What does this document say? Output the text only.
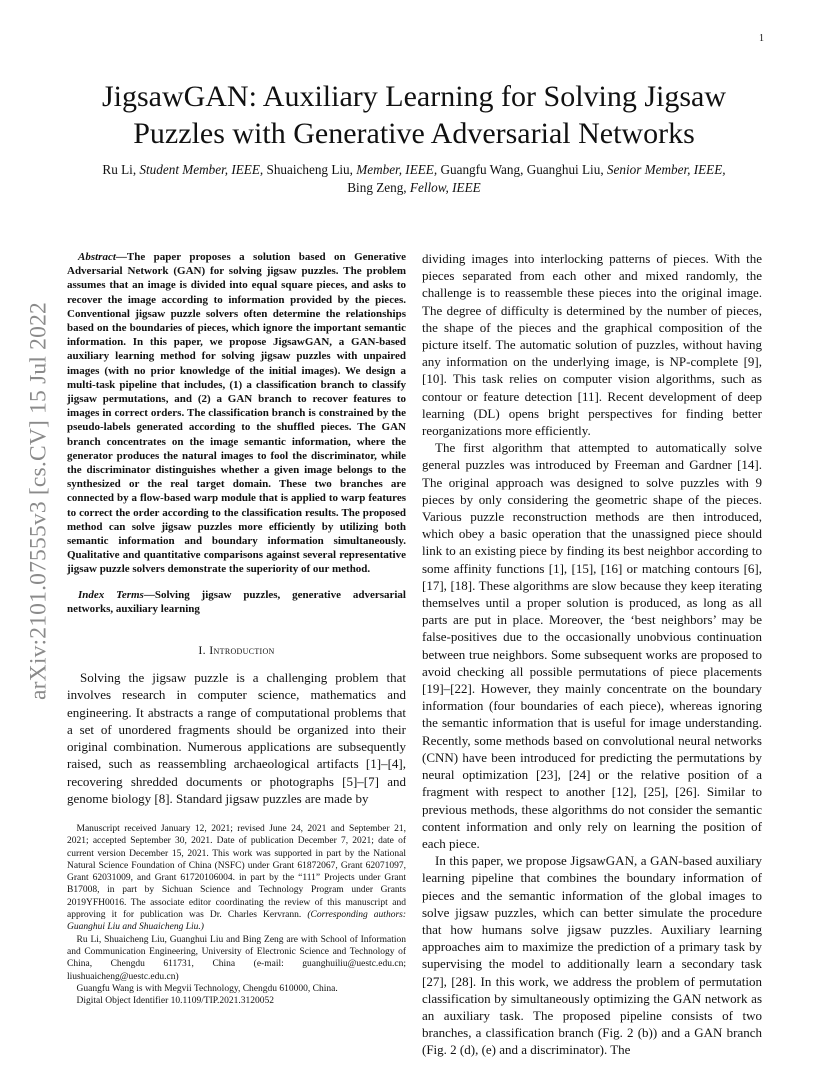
1
arXiv:2101.07555v3 [cs.CV] 15 Jul 2022
JigsawGAN: Auxiliary Learning for Solving Jigsaw
Puzzles with Generative Adversarial Networks
Ru Li, Student Member, IEEE, Shuaicheng Liu, Member, IEEE, Guangfu Wang, Guanghui Liu, Senior Member, IEEE, Bing Zeng, Fellow, IEEE

Abstract—The paper proposes a solution based on Generative Adversarial Network (GAN) for solving jigsaw puzzles. The problem assumes that an image is divided into equal square pieces, and asks to recover the image according to information provided by the pieces. Conventional jigsaw puzzle solvers often determine the relationships based on the boundaries of pieces, which ignore the important semantic information. In this paper, we propose JigsawGAN, a GAN-based auxiliary learning method for solving jigsaw puzzles with unpaired images (with no prior knowledge of the initial images). We design a multi-task pipeline that includes, (1) a classification branch to classify jigsaw permutations, and (2) a GAN branch to recover features to images in correct orders. The classification branch is constrained by the pseudo-labels generated according to the shuffled pieces. The GAN branch concentrates on the image semantic information, where the generator produces the natural images to fool the discriminator, while the discriminator distinguishes whether a given image belongs to the synthesized or the real target domain. These two branches are connected by a flow-based warp module that is applied to warp features to correct the order according to the classification results. The proposed method can solve jigsaw puzzles more efficiently by utilizing both semantic information and boundary information simultaneously. Qualitative and quantitative comparisons against several representative jigsaw puzzle solvers demonstrate the superiority of our method.

Index Terms—Solving jigsaw puzzles, generative adversarial networks, auxiliary learning

I. Introduction

Solving the jigsaw puzzle is a challenging problem that involves research in computer science, mathematics and engineering. It abstracts a range of computational problems that a set of unordered fragments should be organized into their original combination. Numerous applications are subsequently raised, such as reassembling archaeological artifacts [1]–[4], recovering shredded documents or photographs [5]–[7] and genome biology [8]. Standard jigsaw puzzles are made by

Manuscript received January 12, 2021; revised June 24, 2021 and September 21, 2021; accepted September 30, 2021. Date of publication December 7, 2021; date of current version December 15, 2021. This work was supported in part by the National Natural Science Foundation of China (NSFC) under Grant 61872067, Grant 62071097, Grant 62031009, and Grant 61720106004. in part by the “111” Projects under Grant B17008, in part by Sichuan Science and Technology Program under Grants 2019YFH0016. The associate editor coordinating the review of this manuscript and approving it for publication was Dr. Charles Kervrann. (Corresponding authors: Guanghui Liu and Shuaicheng Liu.)

Ru Li, Shuaicheng Liu, Guanghui Liu and Bing Zeng are with School of Information and Communication Engineering, University of Electronic Science and Technology of China, Chengdu 611731, China (e-mail: guanghuiliu@uestc.edu.cn; liushuaicheng@uestc.edu.cn)

Guangfu Wang is with Megvii Technology, Chengdu 610000, China.

Digital Object Identifier 10.1109/TIP.2021.3120052

dividing images into interlocking patterns of pieces. With the pieces separated from each other and mixed randomly, the challenge is to reassemble these pieces into the original image. The degree of difficulty is determined by the number of pieces, the shape of the pieces and the graphical composition of the picture itself. The automatic solution of puzzles, without having any information on the underlying image, is NP-complete [9], [10]. This task relies on computer vision algorithms, such as contour or feature detection [11]. Recent development of deep learning (DL) opens bright perspectives for finding better reorganizations more efficiently.

The first algorithm that attempted to automatically solve general puzzles was introduced by Freeman and Gardner [14]. The original approach was designed to solve puzzles with 9 pieces by only considering the geometric shape of the pieces. Various puzzle reconstruction methods are then introduced, which obey a basic operation that the unassigned piece should link to an existing piece by finding its best neighbor according to some affinity functions [1], [15], [16] or matching contours [6], [17], [18]. These algorithms are slow because they keep iterating themselves until a proper solution is produced, as long as all parts are put in place. Moreover, the ‘best neighbors’ may be false-positives due to the occasionally unobvious continuation between true neighbors. Some subsequent works are proposed to avoid checking all possible permutations of piece placements [19]–[22]. However, they mainly concentrate on the boundary information (four boundaries of each piece), whereas ignoring the semantic information that is useful for image understanding. Recently, some methods based on convolutional neural networks (CNN) have been introduced for predicting the permutations by neural optimization [23], [24] or the relative position of a fragment with respect to another [12], [25], [26]. Similar to previous methods, these algorithms do not consider the semantic content information and only rely on learning the position of each piece.

In this paper, we propose JigsawGAN, a GAN-based auxiliary learning pipeline that combines the boundary information of pieces and the semantic information of the global images to solve jigsaw puzzles, which can better simulate the procedure that how humans solve jigsaw puzzles. Auxiliary learning approaches aim to maximize the prediction of a primary task by supervising the model to additionally learn a secondary task [27], [28]. In this work, we address the problem of permutation classification by simultaneously optimizing the GAN network as an auxiliary task. The proposed pipeline consists of two branches, a classification branch (Fig. 2 (b)) and a GAN branch (Fig. 2 (d), (e) and a discriminator). The
